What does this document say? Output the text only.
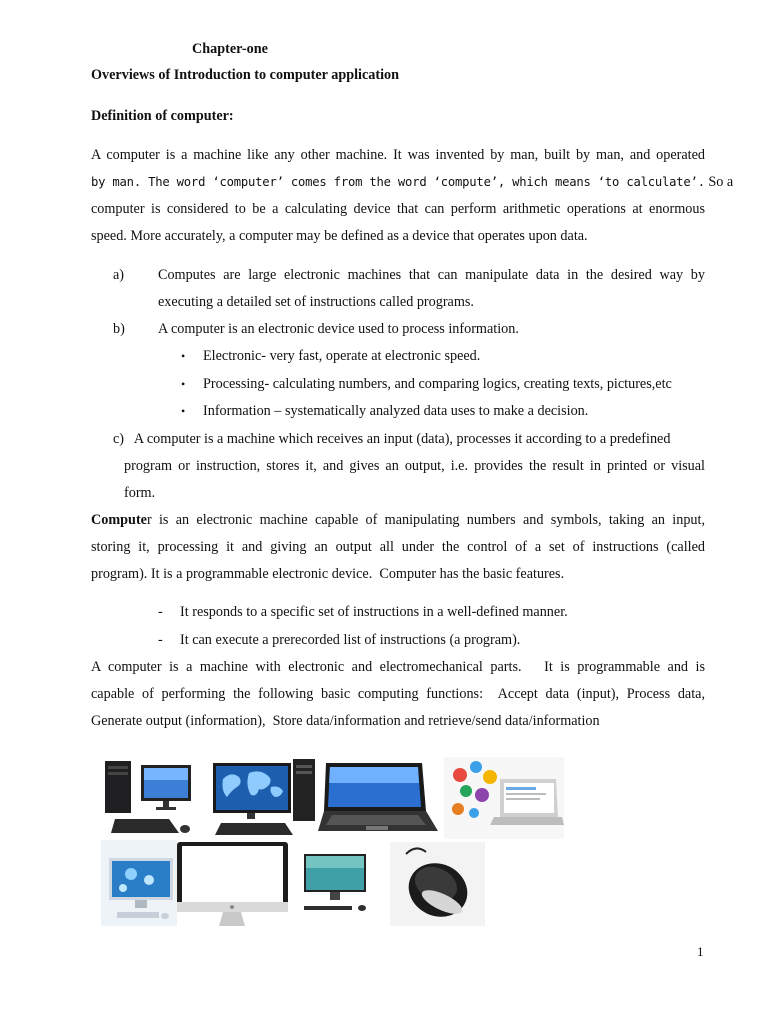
Chapter-one
Overviews of Introduction to computer application
Definition of computer:
A computer is a machine like any other machine. It was invented by man, built by man, and operated
by man. The word ‘computer’ comes from the word ‘compute’, which means ‘to calculate’. So a
computer is considered to be a calculating device that can perform arithmetic operations at enormous
speed. More accurately, a computer may be defined as a device that operates upon data.
a) Computes are large electronic machines that can manipulate data in the desired way by
executing a detailed set of instructions called programs.
b) A computer is an electronic device used to process information.
• Electronic- very fast, operate at electronic speed.
• Processing- calculating numbers, and comparing logics, creating texts, pictures,etc
• Information – systematically analyzed data uses to make a decision.
c)   A computer is a machine which receives an input (data), processes it according to a predefined
program or instruction, stores it, and gives an output, i.e. provides the result in printed or visual
form.
Computer is an electronic machine capable of manipulating numbers and symbols, taking an input,
storing it, processing it and giving an output all under the control of a set of instructions (called
program). It is a programmable electronic device.  Computer has the basic features.
- It responds to a specific set of instructions in a well-defined manner.
- It can execute a prerecorded list of instructions (a program).
A computer is a machine with electronic and electromechanical parts.   It is programmable and is
capable of performing the following basic computing functions:  Accept data (input), Process data,
Generate output (information),  Store data/information and retrieve/send data/information
1
